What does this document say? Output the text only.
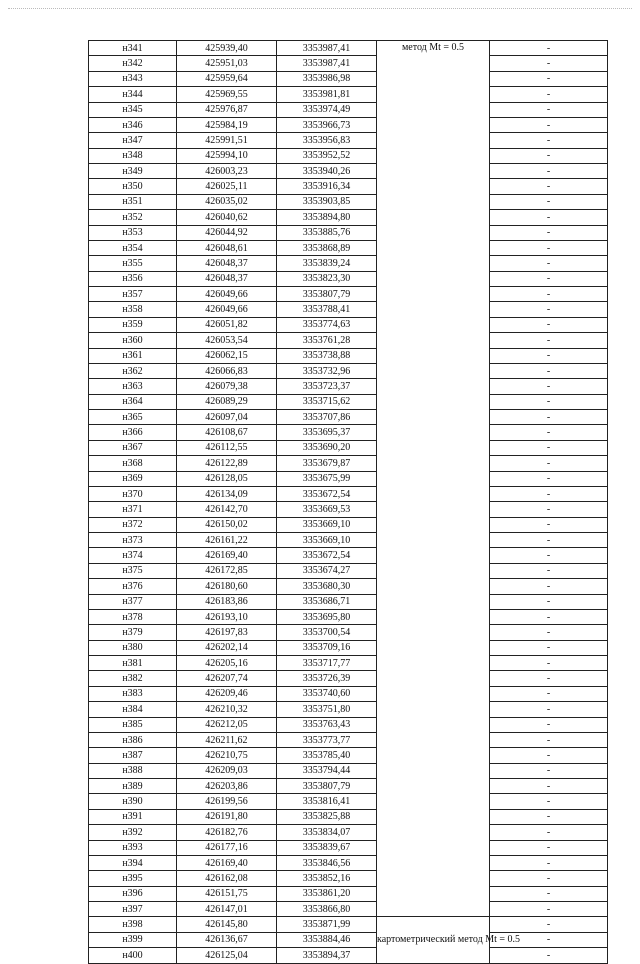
н341	425939,40	3353987,41	метод Mt = 0.5	-
н342	425951,03	3353987,41		-
н343	425959,64	3353986,98		-
н344	425969,55	3353981,81		-
н345	425976,87	3353974,49		-
н346	425984,19	3353966,73		-
н347	425991,51	3353956,83		-
н348	425994,10	3353952,52		-
н349	426003,23	3353940,26		-
н350	426025,11	3353916,34		-
н351	426035,02	3353903,85		-
н352	426040,62	3353894,80		-
н353	426044,92	3353885,76		-
н354	426048,61	3353868,89		-
н355	426048,37	3353839,24		-
н356	426048,37	3353823,30		-
н357	426049,66	3353807,79		-
н358	426049,66	3353788,41		-
н359	426051,82	3353774,63		-
н360	426053,54	3353761,28		-
н361	426062,15	3353738,88		-
н362	426066,83	3353732,96		-
н363	426079,38	3353723,37		-
н364	426089,29	3353715,62		-
н365	426097,04	3353707,86		-
н366	426108,67	3353695,37		-
н367	426112,55	3353690,20		-
н368	426122,89	3353679,87		-
н369	426128,05	3353675,99		-
н370	426134,09	3353672,54		-
н371	426142,70	3353669,53		-
н372	426150,02	3353669,10		-
н373	426161,22	3353669,10		-
н374	426169,40	3353672,54		-
н375	426172,85	3353674,27		-
н376	426180,60	3353680,30		-
н377	426183,86	3353686,71		-
н378	426193,10	3353695,80		-
н379	426197,83	3353700,54		-
н380	426202,14	3353709,16		-
н381	426205,16	3353717,77		-
н382	426207,74	3353726,39		-
н383	426209,46	3353740,60		-
н384	426210,32	3353751,80		-
н385	426212,05	3353763,43		-
н386	426211,62	3353773,77		-
н387	426210,75	3353785,40		-
н388	426209,03	3353794,44		-
н389	426203,86	3353807,79		-
н390	426199,56	3353816,41		-
н391	426191,80	3353825,88		-
н392	426182,76	3353834,07		-
н393	426177,16	3353839,67		-
н394	426169,40	3353846,56		-
н395	426162,08	3353852,16		-
н396	426151,75	3353861,20		-
н397	426147,01	3353866,80		-
н398	426145,80	3353871,99	картометрический метод Mt = 0.5	-
н399	426136,67	3353884,46		-
н400	426125,04	3353894,37		-
